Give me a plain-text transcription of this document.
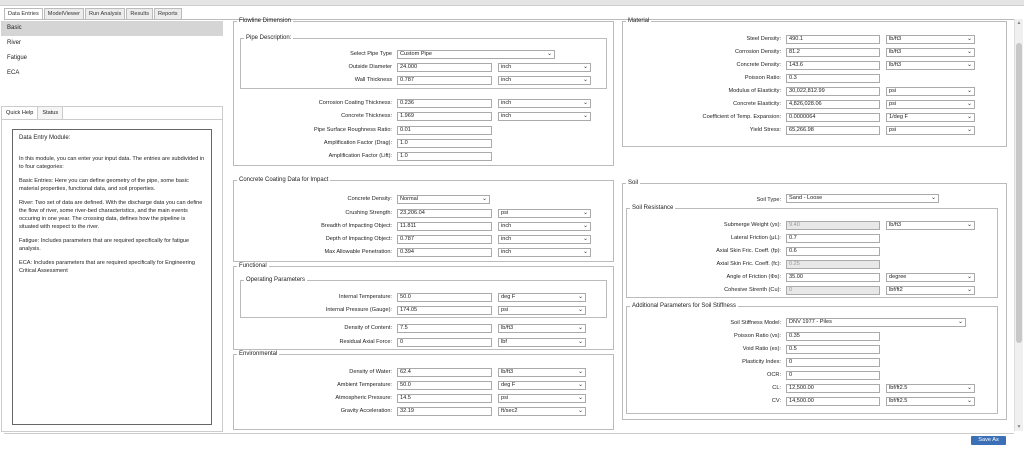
Data Entries	ModelViewer	Run Analysis	Results	Reports
Basic
River
Fatigue
ECA
Quick Help	Status
Data Entry Module:

In this module, you can enter your input data. The entries are subdivided in to four categories:

Basic Entries: Here you can define geometry of the pipe, some basic material properties, functional data, and soil properties.

River: Two set of data are defined. With the discharge data you can define the flow of river, some river-bed characteristics, and the main events occuring in one year. The crossing data, defines how the pipeline is situated with respect to the river.

Fatigue: Includes parameters that are required specifically for fatigue analysis.

ECA: Includes parameters that are required specifically for Engineering Critical Assessment

Flowline Dimension
Pipe Description:
Select Pipe Type	Custom Pipe	⌄
Outside Diameter	24.000	inch	⌄
Wall Thickness	0.787	inch	⌄
Corrosion Coating Thickness:	0.236	inch	⌄
Concrete Thickness:	1.969	inch	⌄
Pipe Surface Roughness Ratio:	0.01
Amplification Factor (Drag):	1.0
Amplification Factor (Lift):	1.0
Concrete Coating Data for Impact
Concrete Density:	Normal	⌄
Crushing Strength:	23,206.04	psi	⌄
Breadth of Impacting Object:	11.811	inch	⌄
Depth of Impacting Object:	0.787	inch	⌄
Max Allowable Penetration:	0.394	inch	⌄
Functional
Operating Parameters
Internal Temperature:	50.0	deg F	⌄
Internal Pressure (Gauge):	174.05	psi	⌄
Density of Content:	7.5	lb/ft3	⌄
Residual Axial Force:	0	lbf	⌄
Environmental
Density of Water:	62.4	lb/ft3	⌄
Ambient Temperature:	50.0	deg F	⌄
Atmospheric Pressure:	14.5	psi	⌄
Gravity Acceleration:	32.19	ft/sec2	⌄
Material
Steel Density:	490.1	lb/ft3	⌄
Corrosion Density:	81.2	lb/ft3	⌄
Concrete Density:	143.6	lb/ft3	⌄
Poisson Ratio:	0.3
Modulus of Elasticity:	30,022,812.99	psi	⌄
Concrete Elasticity:	4,826,028.06	psi	⌄
Coefficient of Temp. Expansion:	0.0000064	1/deg F	⌄
Yield Stress:	65,266.98	psi	⌄
Soil
Soil Type:	Sand - Loose	⌄
Soil Resistance
Submerge Weight (ys):	9.40	lb/ft3	⌄
Lateral Friction (μL):	0.7
Axial Skin Fric. Coeff. (fp):	0.6
Axial Skin Fric. Coeff. (fc):	0.25
Angle of Friction (Φs):	35.00	degree	⌄
Cohesive Strenth (Cu):	0	lbf/ft2	⌄
Additional Parameters for Soil Stiffness
Soil Stiffness Model:	DNV 1977 - Piles	⌄
Poisson Ratio (vs):	0.35
Void Ratio (es):	0.5
Plasticity Index:	0
OCR:	0
CL:	12,500.00	lbf/ft2.5	⌄
CV:	14,500.00	lbf/ft2.5	⌄
▲
▼
Save As
